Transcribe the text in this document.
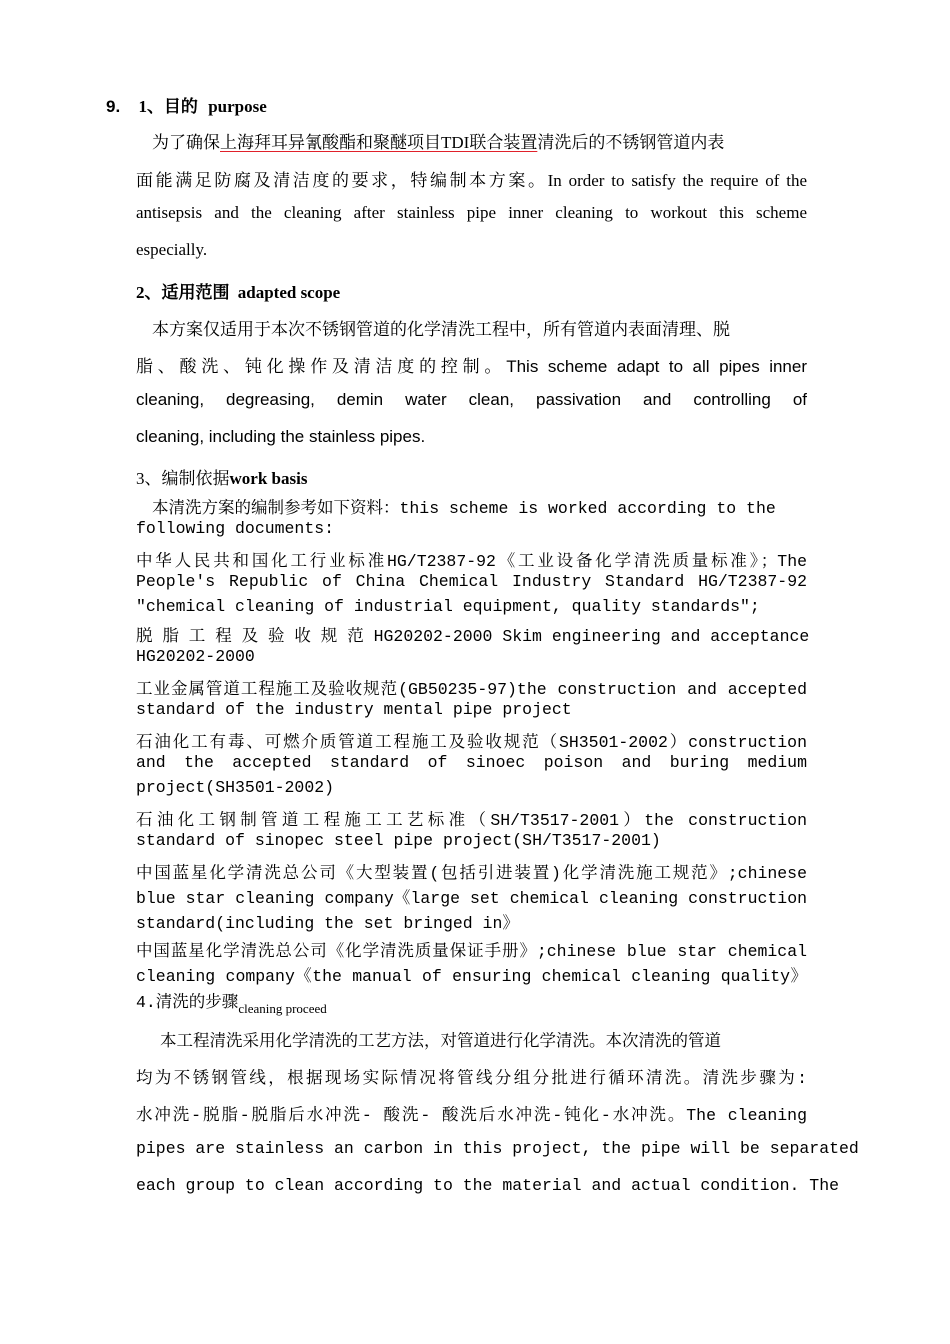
9. 1、目的 purpose
为了确保上海拜耳异氰酸酯和聚醚项目TDI联合装置清洗后的不锈钢管道内表
面能满足防腐及清洁度的要求，特编制本方案。In order to satisfy the require of the
antisepsis and the cleaning after stainless pipe inner cleaning to workout this scheme
especially.
2、适用范围 adapted scope
本方案仅适用于本次不锈钢管道的化学清洗工程中，所有管道内表面清理、脱
脂、酸洗、钝化操作及清洁度的控制。This scheme adapt to all pipes inner
cleaning, degreasing, demin water clean, passivation and controlling of
cleaning, including the stainless pipes.
3、编制依据work basis
本清洗方案的编制参考如下资料：this scheme is worked according to the
following documents:
中华人民共和国化工行业标准HG/T2387-92《工业设备化学清洗质量标准》；The
People's Republic of China Chemical Industry Standard HG/T2387-92
"chemical cleaning of industrial equipment, quality standards";
脱 脂 工 程 及 验 收 规 范 HG20202-2000 Skim engineering and acceptance
HG20202-2000
工业金属管道工程施工及验收规范(GB50235-97)the construction and accepted
standard of the industry mental pipe project
石油化工有毒、可燃介质管道工程施工及验收规范（SH3501-2002）construction
and the accepted standard of sinoec poison and buring medium
project(SH3501-2002)
石油化工钢制管道工程施工工艺标准（SH/T3517-2001）the construction
standard of sinopec steel pipe project(SH/T3517-2001)
中国蓝星化学清洗总公司《大型装置(包括引进装置)化学清洗施工规范》;chinese
blue star cleaning company《large set chemical cleaning construction
standard(including the set bringed in》
中国蓝星化学清洗总公司《化学清洗质量保证手册》;chinese blue star chemical
cleaning company《the manual of ensuring chemical cleaning quality》
4.清洗的步骤$_{cleaning proceed}$
本工程清洗采用化学清洗的工艺方法，对管道进行化学清洗。本次清洗的管道
均为不锈钢管线，根据现场实际情况将管线分组分批进行循环清洗。清洗步骤为:
水冲洗-脱脂-脱脂后水冲洗- 酸洗- 酸洗后水冲洗-钝化-水冲洗。The cleaning
pipes are stainless an carbon in this project, the pipe will be separated
each group to clean according to the material and actual condition. The
